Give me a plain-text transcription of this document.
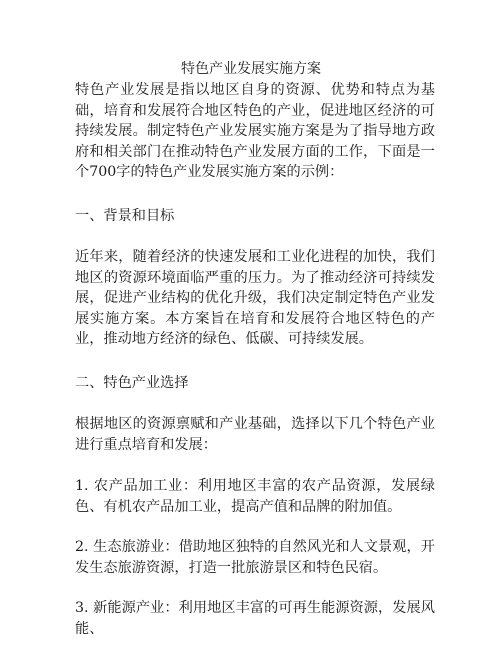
特色产业发展实施方案

特色产业发展是指以地区自身的资源、优势和特点为基础，培育和发展符合地区特色的产业，促进地区经济的可持续发展。制定特色产业发展实施方案是为了指导地方政府和相关部门在推动特色产业发展方面的工作，下面是一个700字的特色产业发展实施方案的示例：

一、背景和目标

近年来，随着经济的快速发展和工业化进程的加快，我们地区的资源环境面临严重的压力。为了推动经济可持续发展，促进产业结构的优化升级，我们决定制定特色产业发展实施方案。本方案旨在培育和发展符合地区特色的产业，推动地方经济的绿色、低碳、可持续发展。

二、特色产业选择

根据地区的资源禀赋和产业基础，选择以下几个特色产业进行重点培育和发展：

1. 农产品加工业：利用地区丰富的农产品资源，发展绿色、有机农产品加工业，提高产值和品牌的附加值。

2. 生态旅游业：借助地区独特的自然风光和人文景观，开发生态旅游资源，打造一批旅游景区和特色民宿。

3. 新能源产业：利用地区丰富的可再生能源资源，发展风能、
